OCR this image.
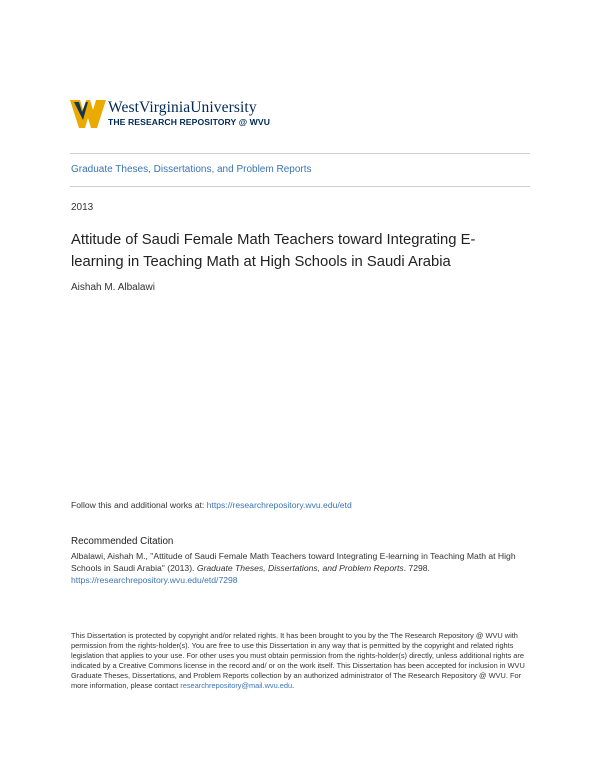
WestVirginiaUniversity
THE RESEARCH REPOSITORY @ WVU
Graduate Theses, Dissertations, and Problem Reports
2013
Attitude of Saudi Female Math Teachers toward Integrating E-learning in Teaching Math at High Schools in Saudi Arabia
Aishah M. Albalawi
Follow this and additional works at: https://researchrepository.wvu.edu/etd
Recommended Citation
Albalawi, Aishah M., "Attitude of Saudi Female Math Teachers toward Integrating E-learning in Teaching Math at High Schools in Saudi Arabia" (2013). Graduate Theses, Dissertations, and Problem Reports. 7298.
https://researchrepository.wvu.edu/etd/7298
This Dissertation is protected by copyright and/or related rights. It has been brought to you by the The Research Repository @ WVU with permission from the rights-holder(s). You are free to use this Dissertation in any way that is permitted by the copyright and related rights legislation that applies to your use. For other uses you must obtain permission from the rights-holder(s) directly, unless additional rights are indicated by a Creative Commons license in the record and/ or on the work itself. This Dissertation has been accepted for inclusion in WVU Graduate Theses, Dissertations, and Problem Reports collection by an authorized administrator of The Research Repository @ WVU. For more information, please contact researchrepository@mail.wvu.edu.
